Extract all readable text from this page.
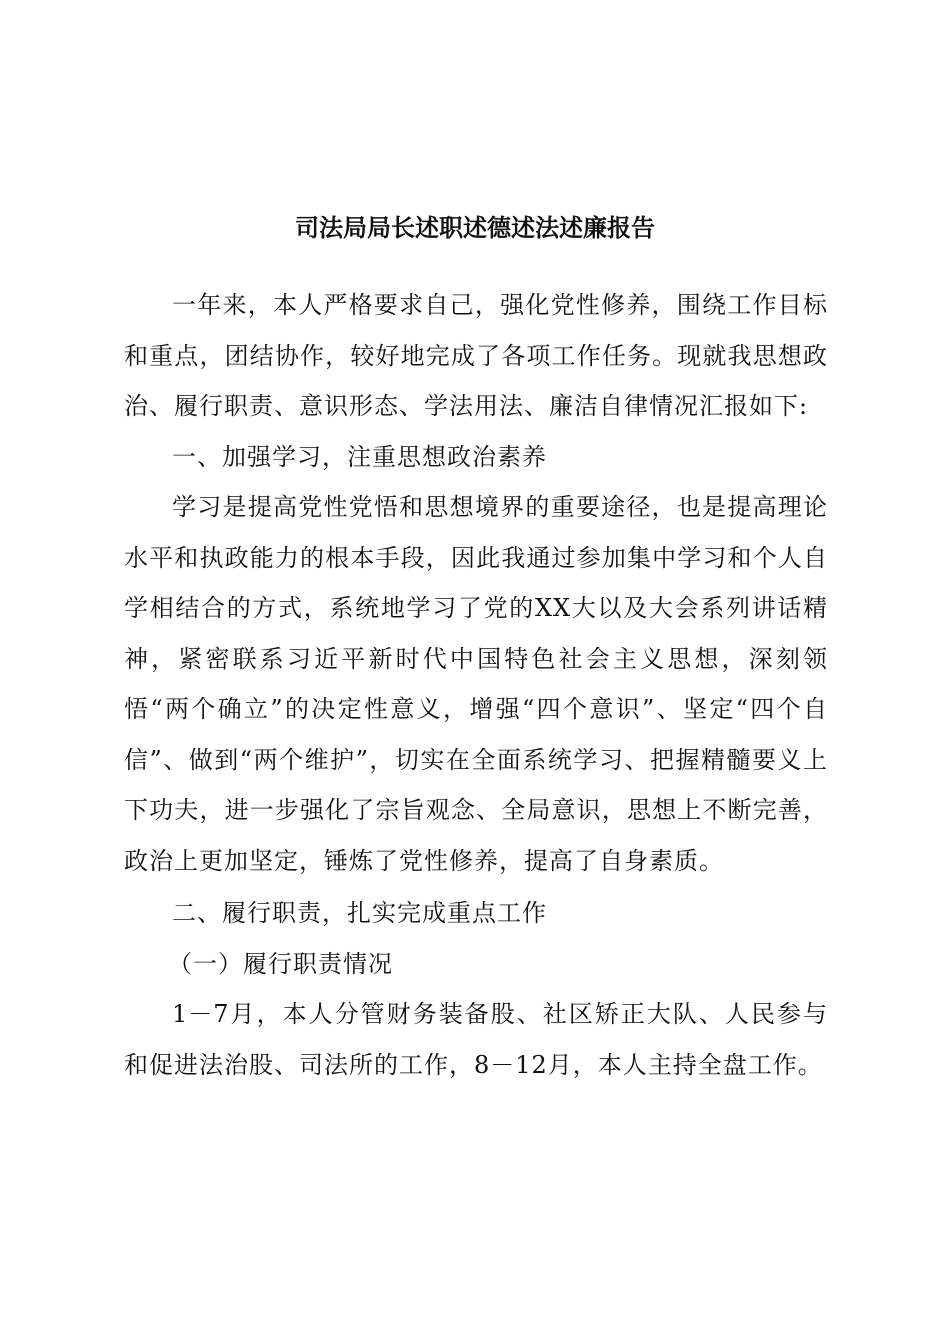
司法局局长述职述德述法述廉报告

一年来，本人严格要求自己，强化党性修养，围绕工作目标和重点，团结协作，较好地完成了各项工作任务。现就我思想政治、履行职责、意识形态、学法用法、廉洁自律情况汇报如下:

一、加强学习，注重思想政治素养

学习是提高党性党悟和思想境界的重要途径，也是提高理论水平和执政能力的根本手段，因此我通过参加集中学习和个人自学相结合的方式，系统地学习了党的XX大以及大会系列讲话精神，紧密联系习近平新时代中国特色社会主义思想，深刻领悟“两个确立”的决定性意义，增强“四个意识”、坚定“四个自信”、做到“两个维护”，切实在全面系统学习、把握精髓要义上下功夫，进一步强化了宗旨观念、全局意识，思想上不断完善，政治上更加坚定，锤炼了党性修养，提高了自身素质。

二、履行职责，扎实完成重点工作

（一）履行职责情况

1－7月，本人分管财务装备股、社区矫正大队、人民参与和促进法治股、司法所的工作，8－12月，本人主持全盘工作。
